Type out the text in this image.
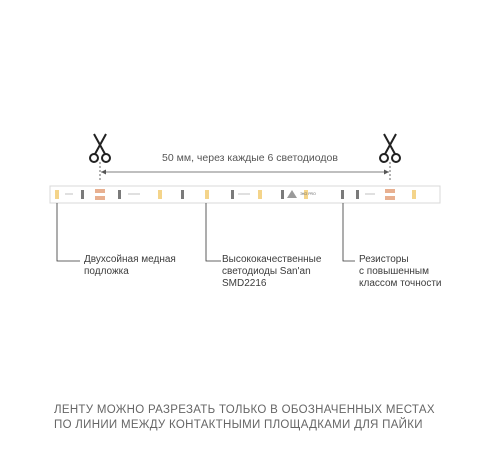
ЭКО PRO
50 мм, через каждые 6 светодиодов
Двухсойная медная
подложка
Высококачественные
светодиоды San'an
SMD2216
Резисторы
с повышенным
классом точности
ЛЕНТУ МОЖНО РАЗРЕЗАТЬ ТОЛЬКО В ОБОЗНАЧЕННЫХ МЕСТАХ
ПО ЛИНИИ МЕЖДУ КОНТАКТНЫМИ ПЛОЩАДКАМИ ДЛЯ ПАЙКИ
